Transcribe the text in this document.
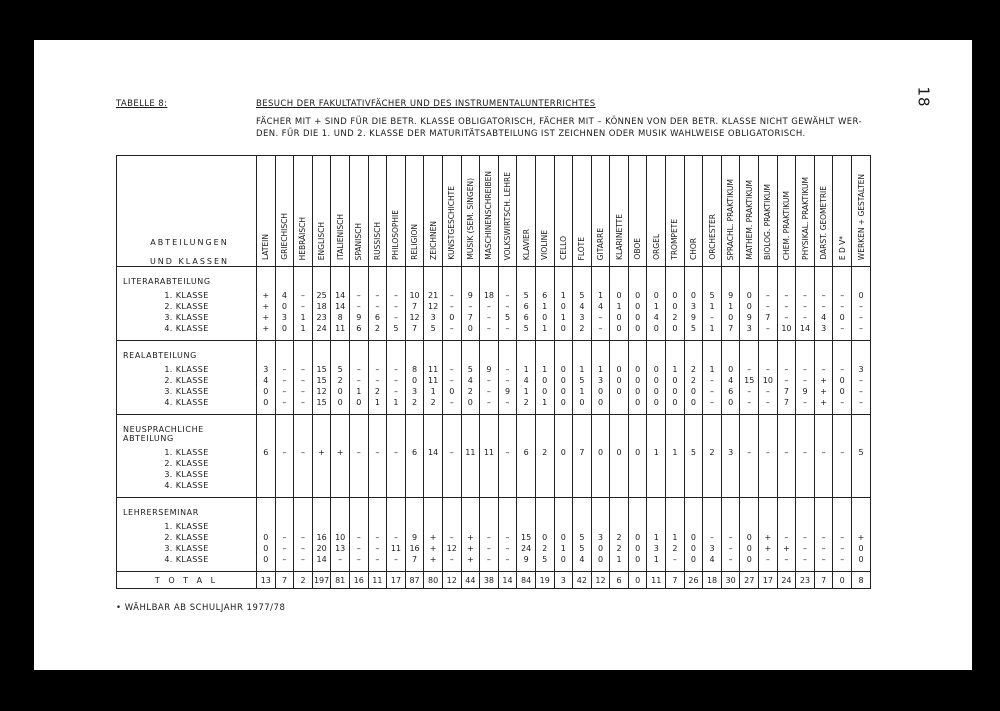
18
TABELLE 8:	BESUCH DER FAKULTATIVFÄCHER UND DES INSTRUMENTALUNTERRICHTES
FÄCHER MIT + SIND FÜR DIE BETR. KLASSE OBLIGATORISCH, FÄCHER MIT – KÖNNEN VON DER BETR. KLASSE NICHT GEWÄHLT WER-
DEN. FÜR DIE 1. UND 2. KLASSE DER MATURITÄTSABTEILUNG IST ZEICHNEN ODER MUSIK WAHLWEISE OBLIGATORISCH.
ABTEILUNGEN
UND KLASSEN	LATEIN	GRIECHISCH	HEBRÄISCH	ENGLISCH	ITALIENISCH	SPANISCH	RUSSISCH	PHILOSOPHIE	RELIGION	ZEICHNEN	KUNSTGESCHICHTE	MUSIK (SEM. SINGEN)	MASCHINENSCHREIBEN	VOLKSWIRTSCH. LEHRE	KLAVIER	VIOLINE	CELLO	FLÖTE	GITARRE	KLARINETTE	OBOE	ORGEL	TROMPETE	CHOR	ORCHESTER	SPRACHL. PRAKTIKUM	MATHEM. PRAKTIKUM	BIOLOG. PRAKTIKUM	CHEM. PRAKTIKUM	PHYSIKAL. PRAKTIKUM	DARST. GEOMETRIE	E D V*	WERKEN + GESTALTEN
LITERARABTEILUNG																																	
1. KLASSE	+	4	–	25	14	–	–	–	10	21	–	9	18	–	5	6	1	5	1	0	0	0	0	0	5	9	0	–	–	–	–	–	0
2. KLASSE	+	0	–	18	14	–	–	–	7	12	–	–	–	–	6	1	0	4	4	1	0	1	0	3	1	1	0	–	–	–	–	–	–
3. KLASSE	+	3	1	23	8	9	6	–	12	3	0	7	–	5	6	0	1	3	–	0	0	4	2	9	–	0	9	7	–	–	4	0	–
4. KLASSE	+	0	1	24	11	6	2	5	7	5	–	0	–	–	5	1	0	2	–	0	0	0	0	5	1	7	3	–	10	14	3	–	–

REALABTEILUNG																																	
1. KLASSE	3	–	–	15	5	–	–	–	8	11	–	5	9	–	1	1	0	1	1	0	0	0	1	2	1	0	–	–	–	–	–	–	3
2. KLASSE	4	–	–	15	2	–	–	–	0	11	–	4	–	–	4	0	0	5	3	0	0	0	0	2	–	4	15	10	–	–	+	0	–
3. KLASSE	0	–	–	12	0	1	2	–	3	1	0	2	–	9	1	0	0	1	0	0	0	0	0	0	–	6	–	–	7	9	+	0	–
4. KLASSE	0	–	–	15	0	0	1	1	2	2	–	0	–	–	2	1	0	0	0		0	0	0	0	–	0	–	–	7	–	+	–	–

NEUSPRACHLICHE ABTEILUNG																																	
1. KLASSE	6	–	–	+	+	–	–	–	6	14	–	11	11	–	6	2	0	7	0	0	0	1	1	5	2	3	–	–	–	–	–	–	5
2. KLASSE																																	
3. KLASSE																																	
4. KLASSE																																	

LEHRERSEMINAR																																	
1. KLASSE																																	
2. KLASSE	0	–	–	16	10	–	–	–	9	+	–	+	–	–	15	0	0	5	3	2	0	1	1	0	–	–	0	+	–	–	–	–	+
3. KLASSE	0	–	–	20	13	–	–	11	16	+	12	+	–	–	24	2	1	5	0	2	0	3	2	0	3	–	0	+	+	–	–	–	0
4. KLASSE	0	–	–	14	–	–	–	–	7	+	–	+	–	–	9	5	0	4	0	1	0	1	–	0	4	–	0	–	–	–	–	–	0

T O T A L	13	7	2	197	81	16	11	17	87	80	12	44	38	14	84	19	3	42	12	6	0	11	7	26	18	30	27	17	24	23	7	0	8
• WÄHLBAR AB SCHULJAHR 1977/78
